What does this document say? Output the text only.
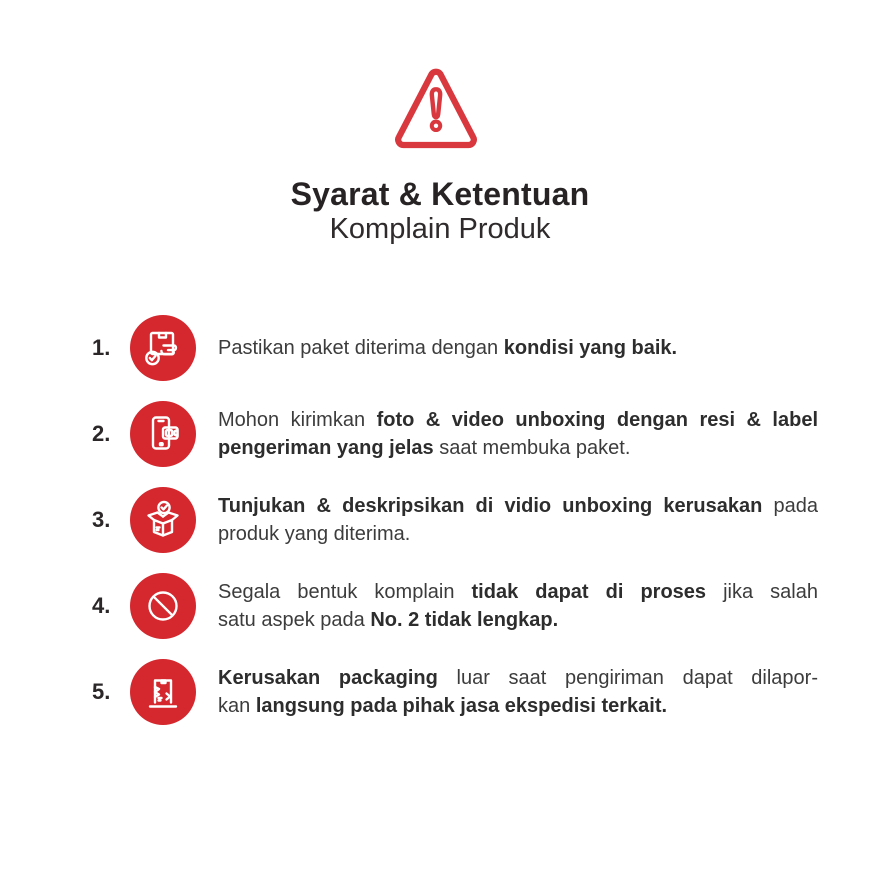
Syarat & Ketentuan
Komplain Produk
1.	Pastikan paket diterima dengan kondisi yang baik.
2.
Mohon kirimkan foto & video unboxing dengan resi & label
pengeriman yang jelas saat membuka paket.
3.
Tunjukan & deskripsikan di vidio unboxing kerusakan pada
produk yang diterima.
4.
Segala bentuk komplain tidak dapat di proses jika salah
satu aspek pada No. 2 tidak lengkap.
5.
Kerusakan packaging luar saat pengiriman dapat dilapor-
kan langsung pada pihak jasa ekspedisi terkait.
